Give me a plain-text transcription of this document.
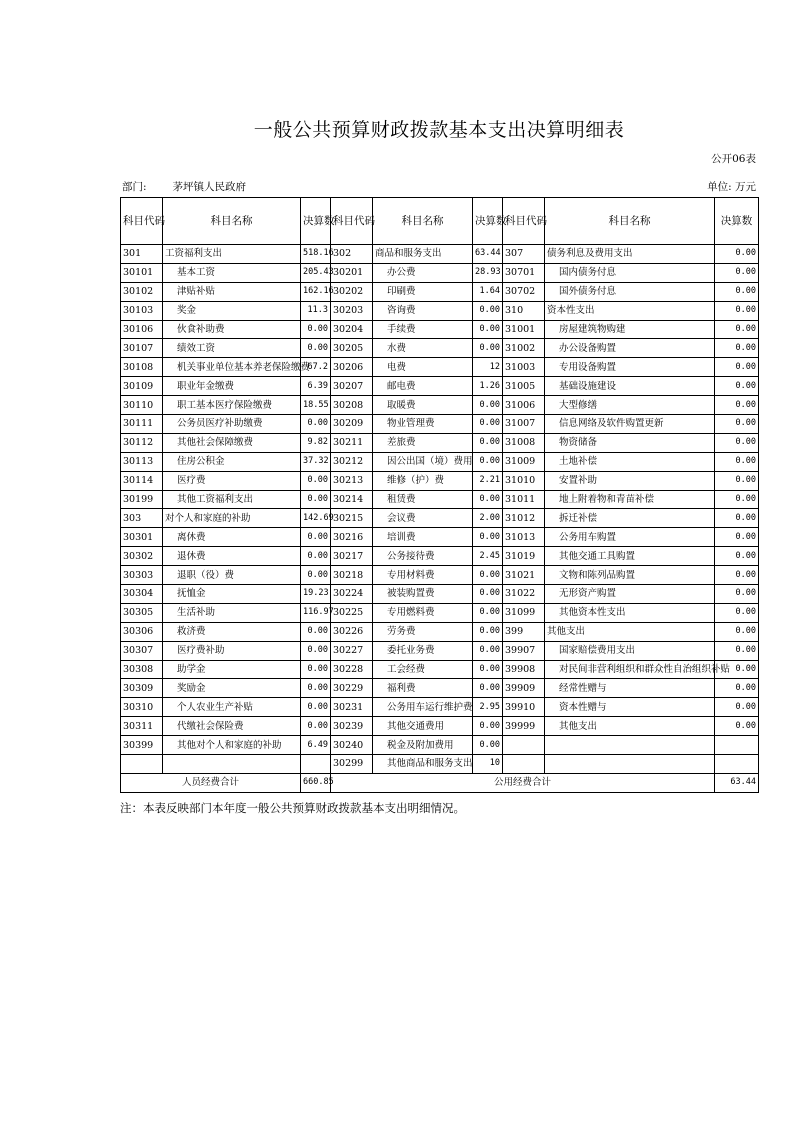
一般公共预算财政拨款基本支出决算明细表
公开06表
部门: 茅坪镇人民政府	单位: 万元
科目代码	科目名称	决算数	科目代码	科目名称	决算数	科目代码	科目名称	决算数
301	工资福利支出	518.16	302	商品和服务支出	63.44	307	债务利息及费用支出	0.00
30101	基本工资	205.43	30201	办公费	28.93	30701	国内债务付息	0.00
30102	津贴补贴	162.16	30202	印刷费	1.64	30702	国外债务付息	0.00
30103	奖金	11.3	30203	咨询费	0.00	310	资本性支出	0.00
30106	伙食补助费	0.00	30204	手续费	0.00	31001	房屋建筑物购建	0.00
30107	绩效工资	0.00	30205	水费	0.00	31002	办公设备购置	0.00
30108	机关事业单位基本养老保险缴费	67.2	30206	电费	12	31003	专用设备购置	0.00
30109	职业年金缴费	6.39	30207	邮电费	1.26	31005	基础设施建设	0.00
30110	职工基本医疗保险缴费	18.55	30208	取暖费	0.00	31006	大型修缮	0.00
30111	公务员医疗补助缴费	0.00	30209	物业管理费	0.00	31007	信息网络及软件购置更新	0.00
30112	其他社会保障缴费	9.82	30211	差旅费	0.00	31008	物资储备	0.00
30113	住房公积金	37.32	30212	因公出国（境）费用	0.00	31009	土地补偿	0.00
30114	医疗费	0.00	30213	维修（护）费	2.21	31010	安置补助	0.00
30199	其他工资福利支出	0.00	30214	租赁费	0.00	31011	地上附着物和青苗补偿	0.00
303	对个人和家庭的补助	142.69	30215	会议费	2.00	31012	拆迁补偿	0.00
30301	离休费	0.00	30216	培训费	0.00	31013	公务用车购置	0.00
30302	退休费	0.00	30217	公务接待费	2.45	31019	其他交通工具购置	0.00
30303	退职（役）费	0.00	30218	专用材料费	0.00	31021	文物和陈列品购置	0.00
30304	抚恤金	19.23	30224	被装购置费	0.00	31022	无形资产购置	0.00
30305	生活补助	116.97	30225	专用燃料费	0.00	31099	其他资本性支出	0.00
30306	救济费	0.00	30226	劳务费	0.00	399	其他支出	0.00
30307	医疗费补助	0.00	30227	委托业务费	0.00	39907	国家赔偿费用支出	0.00
30308	助学金	0.00	30228	工会经费	0.00	39908	对民间非营利组织和群众性自治组织补贴	0.00
30309	奖励金	0.00	30229	福利费	0.00	39909	经常性赠与	0.00
30310	个人农业生产补贴	0.00	30231	公务用车运行维护费	2.95	39910	资本性赠与	0.00
30311	代缴社会保险费	0.00	30239	其他交通费用	0.00	39999	其他支出	0.00
30399	其他对个人和家庭的补助	6.49	30240	税金及附加费用	0.00			
			30299	其他商品和服务支出	10			
人员经费合计		660.85	公用经费合计					63.44
注：本表反映部门本年度一般公共预算财政拨款基本支出明细情况。
